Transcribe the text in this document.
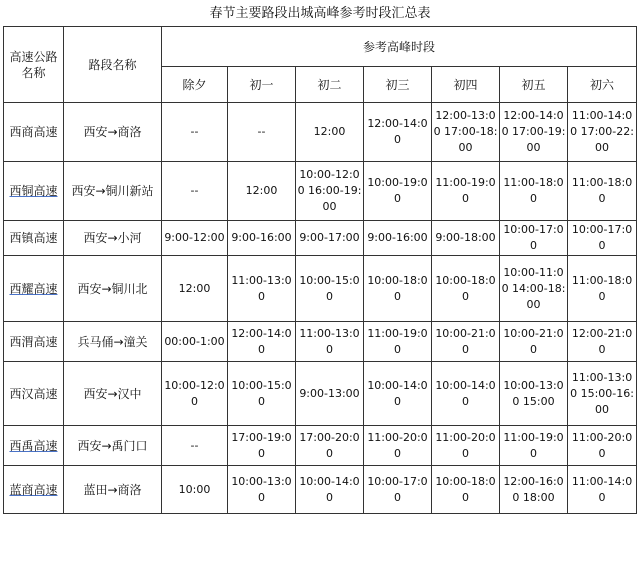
春节主要路段出城高峰参考时段汇总表
高速公路名称	路段名称	参考高峰时段						
		除夕	初一	初二	初三	初四	初五	初六
西商高速	西安→商洛	--	--	12:00	12:00-14:00	12:00-13:00 17:00-18:00	12:00-14:00 17:00-19:00	11:00-14:00 17:00-22:00
西铜高速	西安→铜川新站	--	12:00	10:00-12:00 16:00-19:00	10:00-19:00	11:00-19:00	11:00-18:00	11:00-18:00
西镇高速	西安→小河	9:00-12:00	9:00-16:00	9:00-17:00	9:00-16:00	9:00-18:00	10:00-17:00	10:00-17:00
西耀高速	西安→铜川北	12:00	11:00-13:00	10:00-15:00	10:00-18:00	10:00-18:00	10:00-11:00 14:00-18:00	11:00-18:00
西渭高速	兵马俑→潼关	00:00-1:00	12:00-14:00	11:00-13:00	11:00-19:00	10:00-21:00	10:00-21:00	12:00-21:00
西汉高速	西安→汉中	10:00-12:00	10:00-15:00	9:00-13:00	10:00-14:00	10:00-14:00	10:00-13:00 15:00	11:00-13:00 15:00-16:00
西禹高速	西安→禹门口	--	17:00-19:00	17:00-20:00	11:00-20:00	11:00-20:00	11:00-19:00	11:00-20:00
蓝商高速	蓝田→商洛	10:00	10:00-13:00	10:00-14:00	10:00-17:00	10:00-18:00	12:00-16:00 18:00	11:00-14:00
